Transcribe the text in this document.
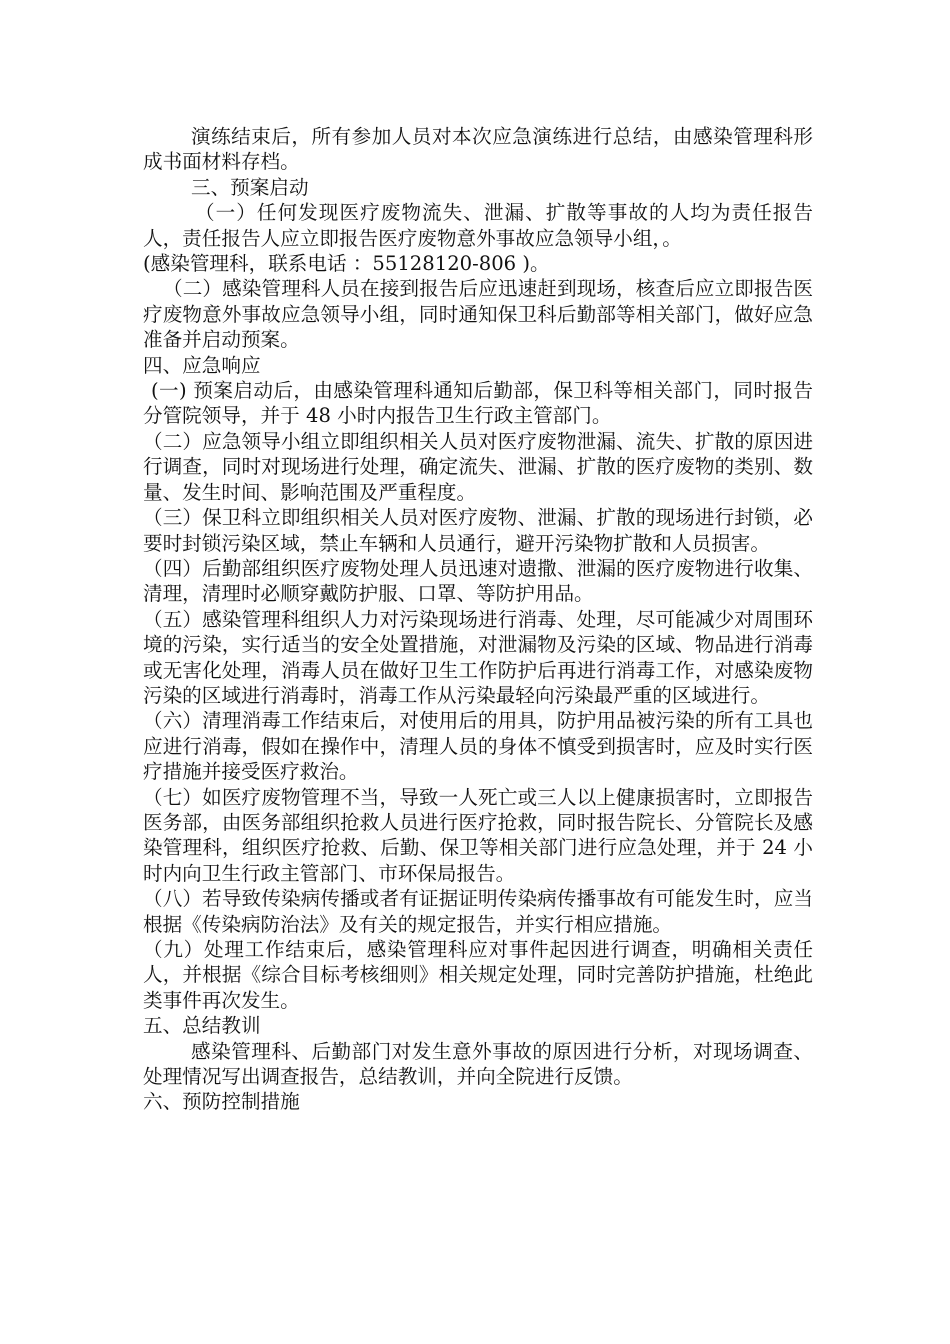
演练结束后，所有参加人员对本次应急演练进行总结，由感染管理科形成书面材料存档。

三、预案启动

（一）任何发现医疗废物流失、泄漏、扩散等事故的人均为责任报告人，责任报告人应立即报告医疗废物意外事故应急领导小组，。

(感染管理科，联系电话 ：55128120-806 )。

（二）感染管理科人员在接到报告后应迅速赶到现场，核查后应立即报告医疗废物意外事故应急领导小组，同时通知保卫科后勤部等相关部门，做好应急准备并启动预案。

四、应急响应

(一) 预案启动后，由感染管理科通知后勤部，保卫科等相关部门，同时报告分管院领导，并于 48 小时内报告卫生行政主管部门。

（二）应急领导小组立即组织相关人员对医疗废物泄漏、流失、扩散的原因进行调查，同时对现场进行处理，确定流失、泄漏、扩散的医疗废物的类别、数量、发生时间、影响范围及严重程度。

（三）保卫科立即组织相关人员对医疗废物、泄漏、扩散的现场进行封锁，必要时封锁污染区域，禁止车辆和人员通行，避开污染物扩散和人员损害。

（四）后勤部组织医疗废物处理人员迅速对遗撒、泄漏的医疗废物进行收集、清理，清理时必顺穿戴防护服、口罩、等防护用品。

（五）感染管理科组织人力对污染现场进行消毒、处理，尽可能减少对周围环境的污染，实行适当的安全处置措施，对泄漏物及污染的区域、物品进行消毒或无害化处理，消毒人员在做好卫生工作防护后再进行消毒工作，对感染废物污染的区域进行消毒时，消毒工作从污染最轻向污染最严重的区域进行。

（六）清理消毒工作结束后，对使用后的用具，防护用品被污染的所有工具也应进行消毒，假如在操作中，清理人员的身体不慎受到损害时，应及时实行医疗措施并接受医疗救治。

（七）如医疗废物管理不当，导致一人死亡或三人以上健康损害时，立即报告医务部，由医务部组织抢救人员进行医疗抢救，同时报告院长、分管院长及感染管理科，组织医疗抢救、后勤、保卫等相关部门进行应急处理，并于 24 小时内向卫生行政主管部门、市环保局报告。

（八）若导致传染病传播或者有证据证明传染病传播事故有可能发生时，应当根据《传染病防治法》及有关的规定报告，并实行相应措施。

（九）处理工作结束后，感染管理科应对事件起因进行调查，明确相关责任人，并根据《综合目标考核细则》相关规定处理，同时完善防护措施，杜绝此类事件再次发生。

五、总结教训

感染管理科、后勤部门对发生意外事故的原因进行分析，对现场调查、处理情况写出调查报告，总结教训，并向全院进行反馈。

六、预防控制措施
